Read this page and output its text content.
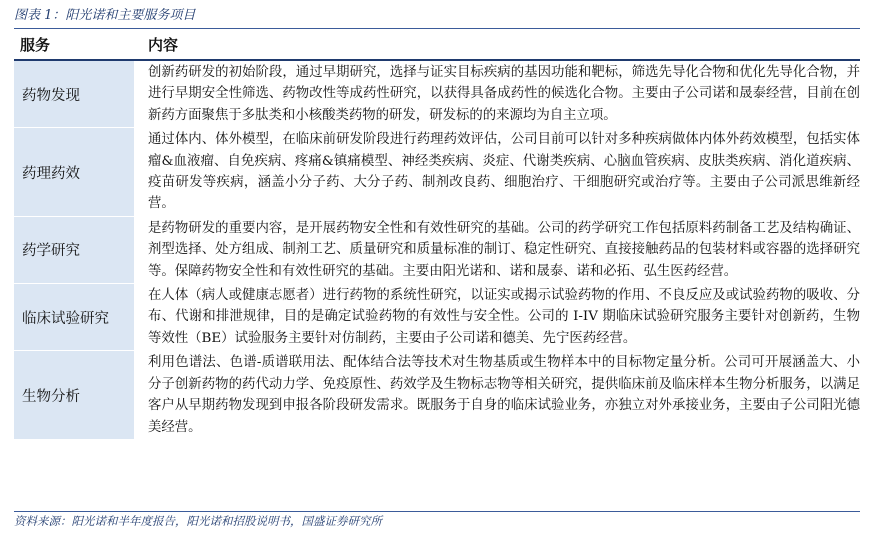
图表 1：阳光诺和主要服务项目
服务	内容
药物发现
创新药研发的初始阶段，通过早期研究，选择与证实目标疾病的基因功能和靶标，筛选先导化合物和优化先导化合物，并进行早期安全性筛选、药物改性等成药性研究，以获得具备成药性的候选化合物。主要由子公司诺和晟泰经营，目前在创新药方面聚焦于多肽类和小核酸类药物的研发，研发标的的来源均为自主立项。
药理药效
通过体内、体外模型，在临床前研发阶段进行药理药效评估，公司目前可以针对多种疾病做体内体外药效模型，包括实体瘤&血液瘤、自免疾病、疼痛&镇痛模型、神经类疾病、炎症、代谢类疾病、心脑血管疾病、皮肤类疾病、消化道疾病、疫苗研发等疾病，涵盖小分子药、大分子药、制剂改良药、细胞治疗、干细胞研究或治疗等。主要由子公司派思维新经营。
药学研究
是药物研发的重要内容，是开展药物安全性和有效性研究的基础。公司的药学研究工作包括原料药制备工艺及结构确证、剂型选择、处方组成、制剂工艺、质量研究和质量标准的制订、稳定性研究、直接接触药品的包装材料或容器的选择研究等。保障药物安全性和有效性研究的基础。主要由阳光诺和、诺和晟泰、诺和必拓、弘生医药经营。
临床试验研究
在人体（病人或健康志愿者）进行药物的系统性研究，以证实或揭示试验药物的作用、不良反应及或试验药物的吸收、分布、代谢和排泄规律，目的是确定试验药物的有效性与安全性。公司的 I-IV 期临床试验研究服务主要针对创新药，生物等效性（BE）试验服务主要针对仿制药，主要由子公司诺和德美、先宁医药经营。
生物分析
利用色谱法、色谱-质谱联用法、配体结合法等技术对生物基质或生物样本中的目标物定量分析。公司可开展涵盖大、小分子创新药物的药代动力学、免疫原性、药效学及生物标志物等相关研究，提供临床前及临床样本生物分析服务，以满足客户从早期药物发现到申报各阶段研发需求。既服务于自身的临床试验业务，亦独立对外承接业务，主要由子公司阳光德美经营。
资料来源：阳光诺和半年度报告，阳光诺和招股说明书，国盛证券研究所
